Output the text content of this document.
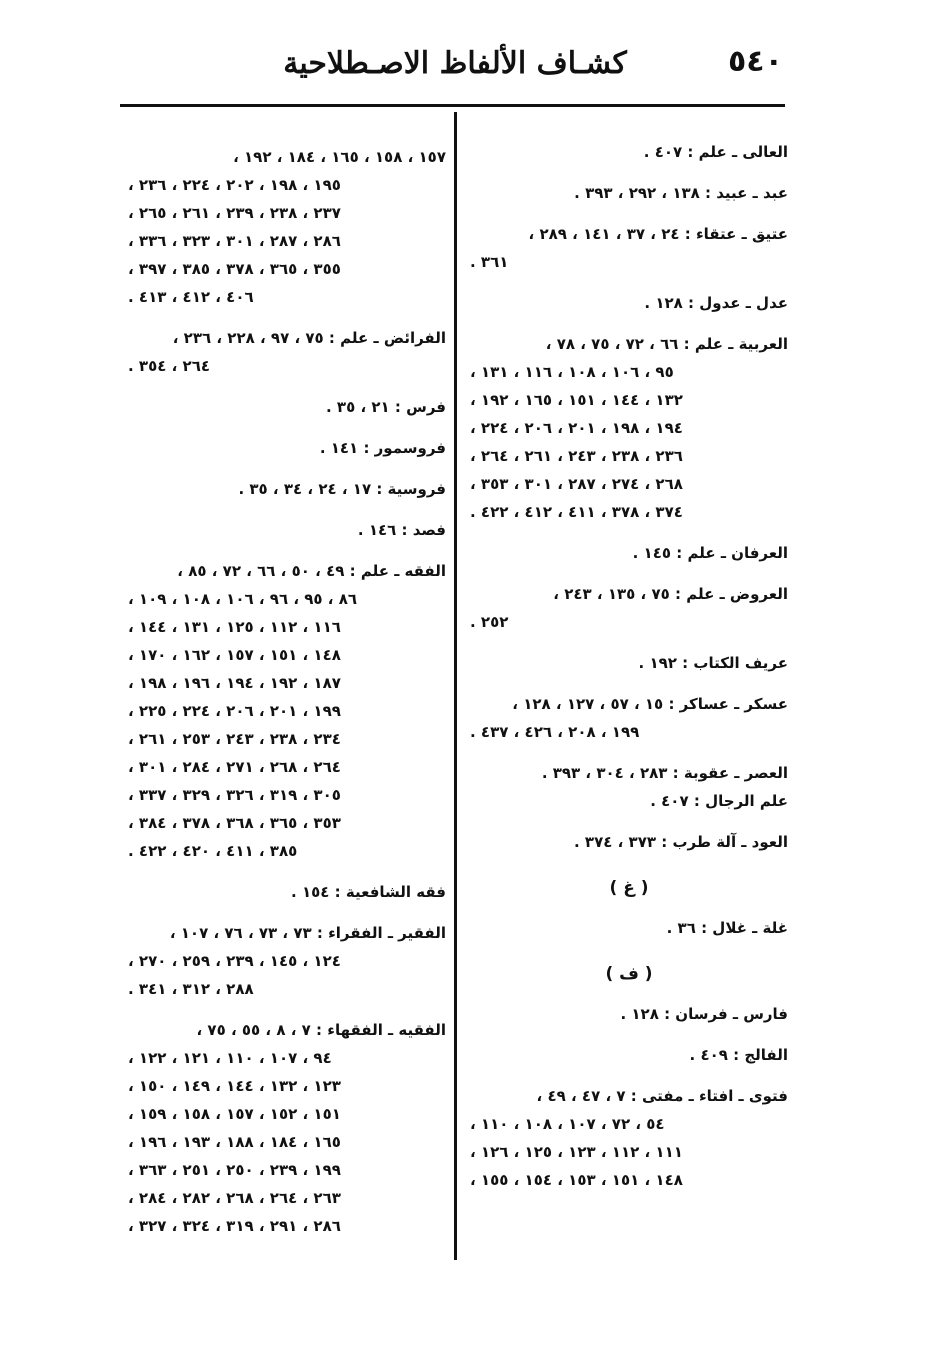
٥٤٠
كشـاف الألفاظ الاصـطلاحية

العالى ـ علم : ٤٠٧ .

عبد ـ عبيد : ١٣٨ ، ٢٩٢ ، ٣٩٣ .

عتيق ـ عتقاء : ٢٤ ، ٣٧ ، ١٤١ ، ٢٨٩ ،

٣٦١ .

عدل ـ عدول : ١٢٨ .

العربية ـ علم : ٦٦ ، ٧٢ ، ٧٥ ، ٧٨ ،

٩٥ ، ١٠٦ ، ١٠٨ ، ١١٦ ، ١٣١ ،

١٣٢ ، ١٤٤ ، ١٥١ ، ١٦٥ ، ١٩٢ ،

١٩٤ ، ١٩٨ ، ٢٠١ ، ٢٠٦ ، ٢٢٤ ،

٢٣٦ ، ٢٣٨ ، ٢٤٣ ، ٢٦١ ، ٢٦٤ ،

٢٦٨ ، ٢٧٤ ، ٢٨٧ ، ٣٠١ ، ٣٥٣ ،

٣٧٤ ، ٣٧٨ ، ٤١١ ، ٤١٢ ، ٤٢٢ .

العرفان ـ علم : ١٤٥ .

العروض ـ علم : ٧٥ ، ١٣٥ ، ٢٤٣ ،

٢٥٢ .

عريف الكتاب : ١٩٢ .

عسكر ـ عساكر : ١٥ ، ٥٧ ، ١٢٧ ، ١٢٨ ،

١٩٩ ، ٢٠٨ ، ٤٢٦ ، ٤٣٧ .

العصر ـ عقوبة : ٢٨٣ ، ٣٠٤ ، ٣٩٣ .

علم الرجال : ٤٠٧ .

العود ـ آلة طرب : ٣٧٣ ، ٣٧٤ .

( غ )

غلة ـ غلال : ٣٦ .

( ف )

فارس ـ فرسان : ١٢٨ .

الفالج : ٤٠٩ .

فتوى ـ افتاء ـ مفتى : ٧ ، ٤٧ ، ٤٩ ،

٥٤ ، ٧٢ ، ١٠٧ ، ١٠٨ ، ١١٠ ،

١١١ ، ١١٢ ، ١٢٣ ، ١٢٥ ، ١٢٦ ،

١٤٨ ، ١٥١ ، ١٥٣ ، ١٥٤ ، ١٥٥ ،

١٥٧ ، ١٥٨ ، ١٦٥ ، ١٨٤ ، ١٩٢ ،

١٩٥ ، ١٩٨ ، ٢٠٢ ، ٢٢٤ ، ٢٣٦ ،

٢٣٧ ، ٢٣٨ ، ٢٣٩ ، ٢٦١ ، ٢٦٥ ،

٢٨٦ ، ٢٨٧ ، ٣٠١ ، ٣٢٣ ، ٣٣٦ ،

٣٥٥ ، ٣٦٥ ، ٣٧٨ ، ٣٨٥ ، ٣٩٧ ،

٤٠٦ ، ٤١٢ ، ٤١٣ .

الفرائض ـ علم : ٧٥ ، ٩٧ ، ٢٢٨ ، ٢٣٦ ،

٢٦٤ ، ٣٥٤ .

فرس : ٢١ ، ٣٥ .

فروسمور : ١٤١ .

فروسية : ١٧ ، ٢٤ ، ٣٤ ، ٣٥ .

فصد : ١٤٦ .

الفقه ـ علم : ٤٩ ، ٥٠ ، ٦٦ ، ٧٢ ، ٨٥ ،

٨٦ ، ٩٥ ، ٩٦ ، ١٠٦ ، ١٠٨ ، ١٠٩ ،

١١٦ ، ١١٢ ، ١٢٥ ، ١٣١ ، ١٤٤ ،

١٤٨ ، ١٥١ ، ١٥٧ ، ١٦٢ ، ١٧٠ ،

١٨٧ ، ١٩٢ ، ١٩٤ ، ١٩٦ ، ١٩٨ ،

١٩٩ ، ٢٠١ ، ٢٠٦ ، ٢٢٤ ، ٢٢٥ ،

٢٣٤ ، ٢٣٨ ، ٢٤٣ ، ٢٥٣ ، ٢٦١ ،

٢٦٤ ، ٢٦٨ ، ٢٧١ ، ٢٨٤ ، ٣٠١ ،

٣٠٥ ، ٣١٩ ، ٣٢٦ ، ٣٢٩ ، ٣٣٧ ،

٣٥٣ ، ٣٦٥ ، ٣٦٨ ، ٣٧٨ ، ٣٨٤ ،

٣٨٥ ، ٤١١ ، ٤٢٠ ، ٤٢٢ .

فقه الشافعية : ١٥٤ .

الفقير ـ الفقراء : ٧٣ ، ٧٣ ، ٧٦ ، ١٠٧ ،

١٢٤ ، ١٤٥ ، ٢٣٩ ، ٢٥٩ ، ٢٧٠ ،

٢٨٨ ، ٣١٢ ، ٣٤١ .

الفقيه ـ الفقهاء : ٧ ، ٨ ، ٥٥ ، ٧٥ ،

٩٤ ، ١٠٧ ، ١١٠ ، ١٢١ ، ١٢٢ ،

١٢٣ ، ١٣٢ ، ١٤٤ ، ١٤٩ ، ١٥٠ ،

١٥١ ، ١٥٢ ، ١٥٧ ، ١٥٨ ، ١٥٩ ،

١٦٥ ، ١٨٤ ، ١٨٨ ، ١٩٣ ، ١٩٦ ،

١٩٩ ، ٢٣٩ ، ٢٥٠ ، ٢٥١ ، ٣٦٣ ،

٢٦٣ ، ٢٦٤ ، ٢٦٨ ، ٢٨٢ ، ٢٨٤ ،

٢٨٦ ، ٢٩١ ، ٣١٩ ، ٣٢٤ ، ٣٢٧ ،
